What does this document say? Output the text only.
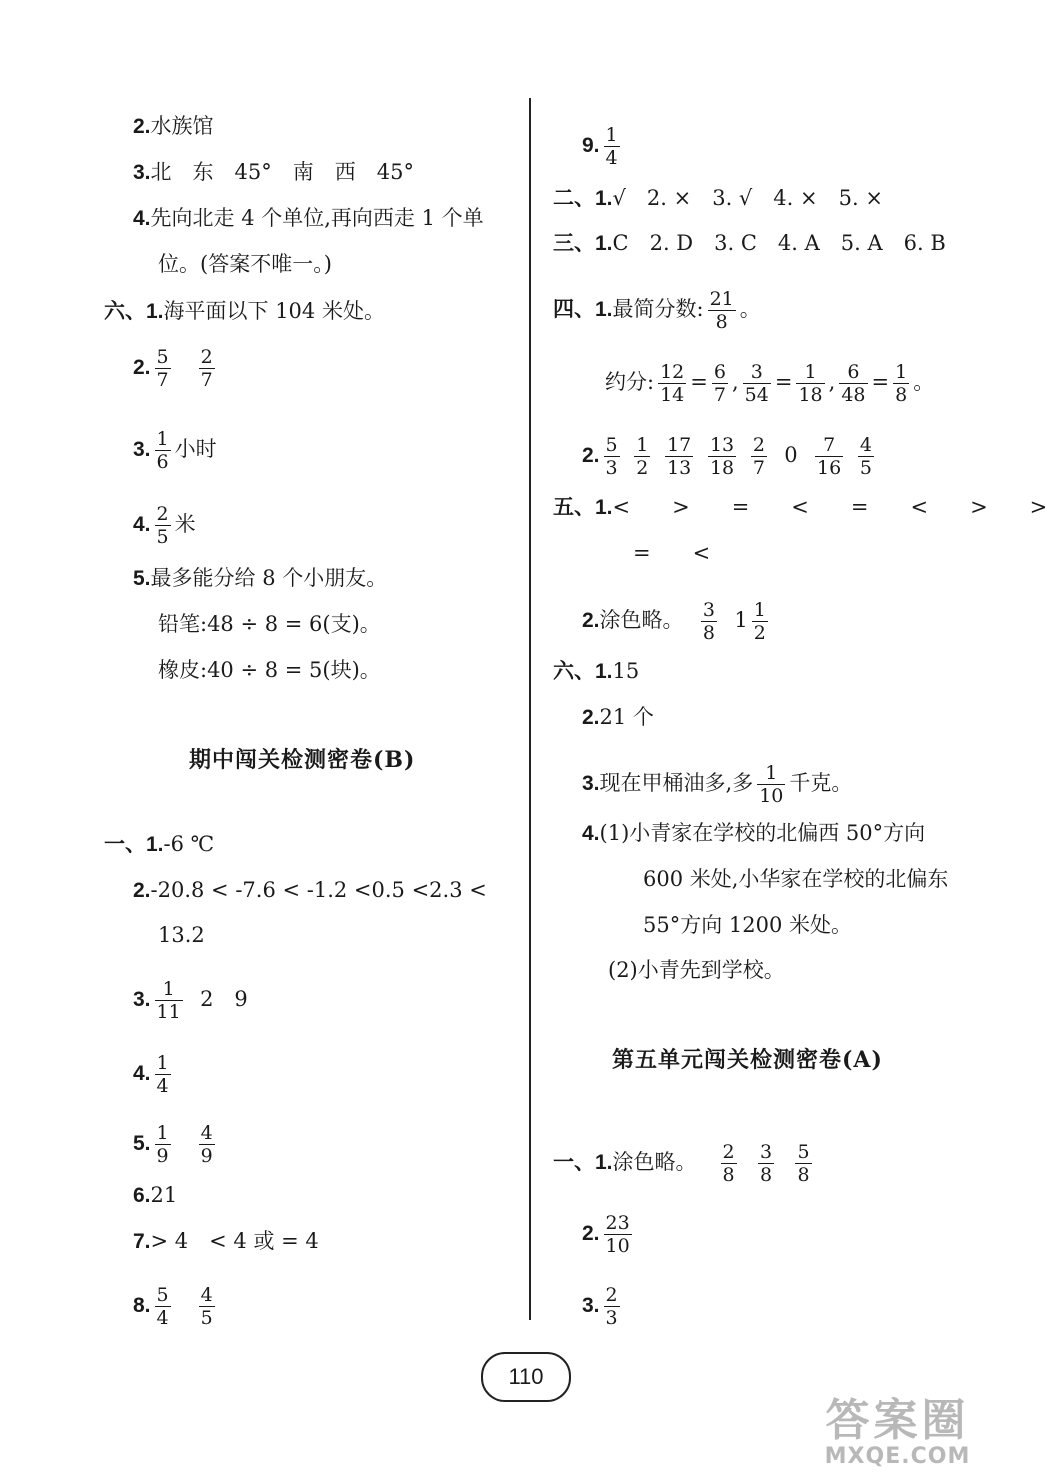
2.水族馆
3.北　东　45°　南　西　45°
4.先向北走 4 个单位,再向西走 1 个单
位。(答案不唯一。)
六、1.海平面以下 104 米处。
2. $\frac{5}{7}$
$\frac{2}{7}$
3. $\frac{1}{6}$ 小时
4. $\frac{2}{5}$ 米
5.最多能分给 8 个小朋友。
铅笔:48 ÷ 8 = 6(支)。
橡皮:40 ÷ 8 = 5(块)。
期中闯关检测密卷(B)
一、1.-6 ℃
2.-20.8 < -7.6 < -1.2 <0.5 <2.3 <
13.2
3. $\frac{1}{11} 2$　9
4. $\frac{1}{4}$
5. $\frac{1}{9}$
$\frac{4}{9}$
6.21
7.> 4　< 4 或 = 4
8. $\frac{5}{4}$
$\frac{4}{5}$
9. $\frac{1}{4}$
二、1.√　2. ×　3. √　4. ×　5. ×
三、1.C　2. D　3. C　4. A　5. A　6. B
四、1.最简分数: $\frac{21}{8}$ 。
约分: $\frac{12}{14} = \frac{6}{7}$ , $\frac{3}{54} = \frac{1}{18}$ , $\frac{6}{48} = \frac{1}{8}$ 。
2. $\frac{5}{3}$
$\frac{1}{2}$
$\frac{17}{13}$
$\frac{13}{18}$
$\frac{2}{7} 0 \frac{7}{16}$
$\frac{4}{5}$
五、1.<　　>　　=　　<　　=　　<　　>　　>
=　　<
2.涂色略。 $\frac{3}{8} 1 \frac{1}{2}$
六、1.15
2.21 个
3.现在甲桶油多,多 $\frac{1}{10}$ 千克。
4.(1)小青家在学校的北偏西 50°方向
600 米处,小华家在学校的北偏东
55°方向 1200 米处。
(2)小青先到学校。
第五单元闯关检测密卷(A)
一、1.涂色略。 $\frac{2}{8}$
$\frac{3}{8}$
$\frac{5}{8}$
2. $\frac{23}{10}$
3. $\frac{2}{3}$
110
答案圈
MXQE.COM
